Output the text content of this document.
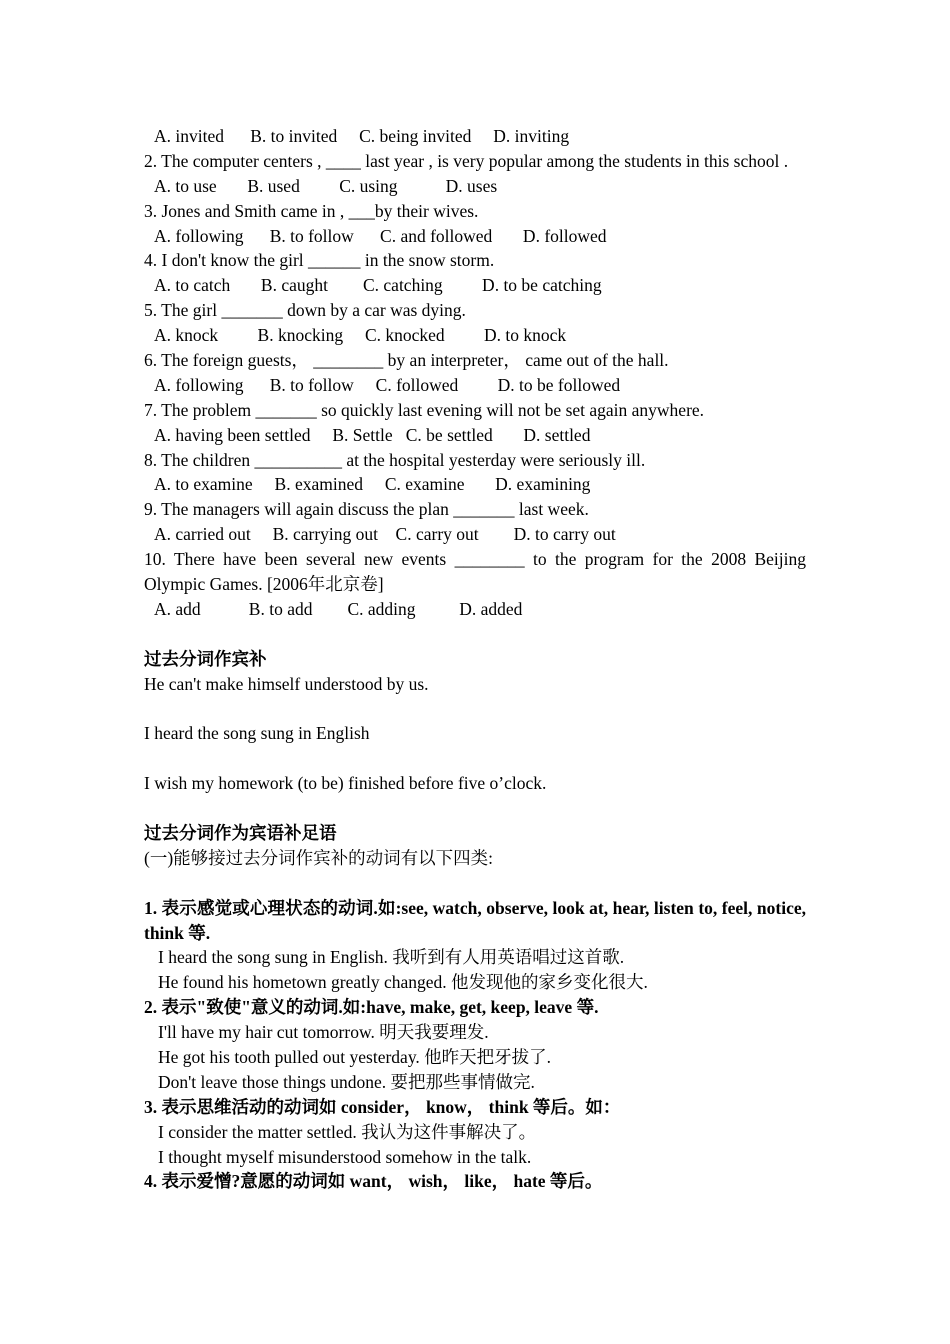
A. invited      B. to invited     C. being invited     D. inviting
2. The computer centers , ____ last year , is very popular among the students in this school .
A. to use       B. used         C. using           D. uses
3. Jones and Smith came in , ___by their wives.
A. following      B. to follow      C. and followed       D. followed
4. I don't know the girl ______ in the snow storm.
A. to catch       B. caught        C. catching         D. to be catching
5. The girl _______ down by a car was dying.
A. knock         B. knocking     C. knocked         D. to knock
6. The foreign guests， ________ by an interpreter， came out of the hall.
A. following      B. to follow     C. followed         D. to be followed
7. The problem _______ so quickly last evening will not be set again anywhere.
A. having been settled     B. Settle   C. be settled       D. settled
8. The children __________ at the hospital yesterday were seriously ill.
A. to examine     B. examined     C. examine       D. examining
9. The managers will again discuss the plan _______ last week.
A. carried out     B. carrying out    C. carry out        D. to carry out
10. There have been several new events ________ to the program for the 2008 Beijing Olympic Games. [2006年北京卷]
A. add           B. to add        C. adding          D. added
过去分词作宾补
He can't make himself understood by us.
I heard the song sung in English
I wish my homework (to be) finished before five o’clock.
过去分词作为宾语补足语
(一)能够接过去分词作宾补的动词有以下四类:
1. 表示感觉或心理状态的动词.如:see, watch, observe, look at, hear, listen to, feel, notice, think 等.
I heard the song sung in English. 我听到有人用英语唱过这首歌.
He found his hometown greatly changed. 他发现他的家乡变化很大.
2. 表示"致使"意义的动词.如:have, make, get, keep, leave 等.
I'll have my hair cut tomorrow. 明天我要理发.
He got his tooth pulled out yesterday. 他昨天把牙拔了.
Don't leave those things undone. 要把那些事情做完.
3. 表示思维活动的动词如 consider， know， think 等后。如：
I consider the matter settled. 我认为这件事解决了。
I thought myself misunderstood somehow in the talk.
4. 表示爱憎?意愿的动词如 want， wish， like， hate 等后。
